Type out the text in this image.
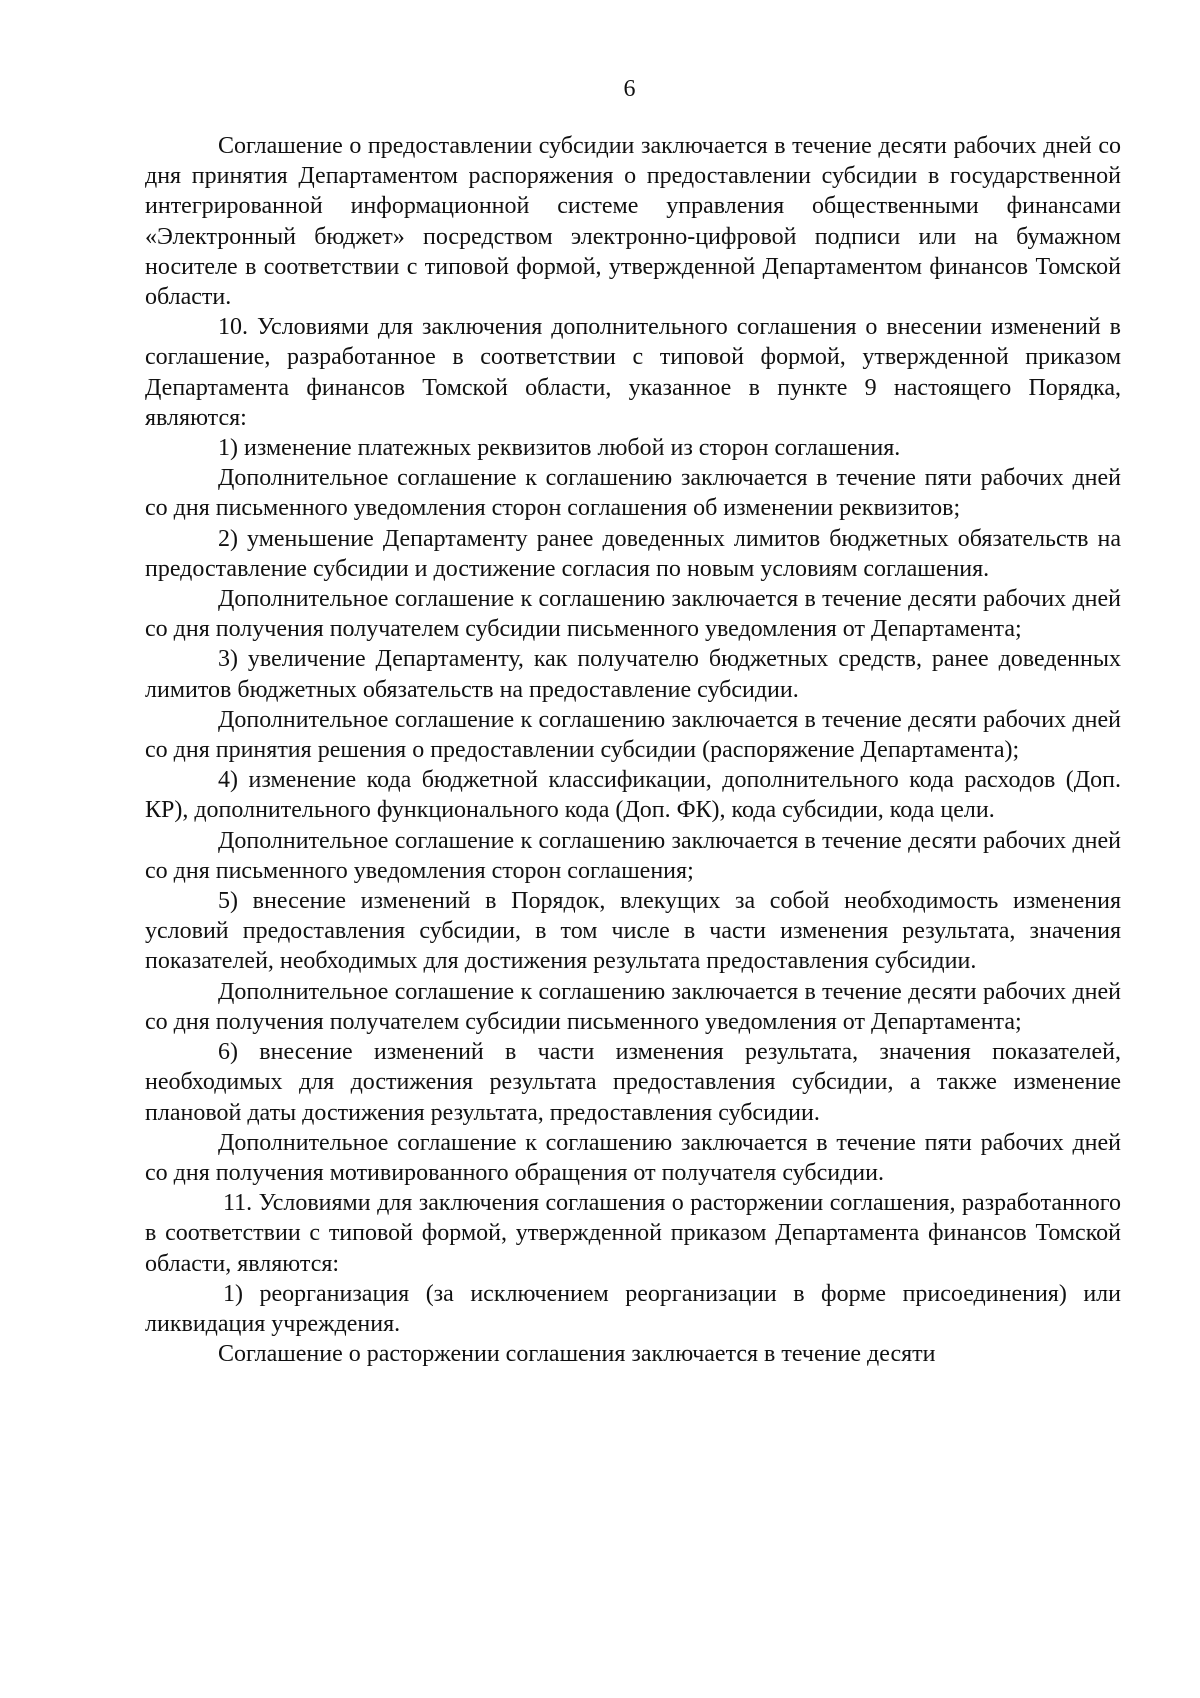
6

Соглашение о предоставлении субсидии заключается в течение десяти рабочих дней со дня принятия Департаментом распоряжения о предоставлении субсидии в государственной интегрированной информационной системе управления общественными финансами «Электронный бюджет» посредством электронно-цифровой подписи или на бумажном носителе в соответствии с типовой формой, утвержденной Департаментом финансов Томской области.

10. Условиями для заключения дополнительного соглашения о внесении изменений в соглашение, разработанное в соответствии с типовой формой, утвержденной приказом Департамента финансов Томской области, указанное в пункте 9 настоящего Порядка, являются:

1) изменение платежных реквизитов любой из сторон соглашения.

Дополнительное соглашение к соглашению заключается в течение пяти рабочих дней со дня письменного уведомления сторон соглашения об изменении реквизитов;

2) уменьшение Департаменту ранее доведенных лимитов бюджетных обязательств на предоставление субсидии и достижение согласия по новым условиям соглашения.

Дополнительное соглашение к соглашению заключается в течение десяти рабочих дней со дня получения получателем субсидии письменного уведомления от Департамента;

3) увеличение Департаменту, как получателю бюджетных средств, ранее доведенных лимитов бюджетных обязательств на предоставление субсидии.

Дополнительное соглашение к соглашению заключается в течение десяти рабочих дней со дня принятия решения о предоставлении субсидии (распоряжение Департамента);

4) изменение кода бюджетной классификации, дополнительного кода расходов (Доп. КР), дополнительного функционального кода (Доп. ФК), кода субсидии, кода цели.

Дополнительное соглашение к соглашению заключается в течение десяти рабочих дней со дня письменного уведомления сторон соглашения;

5) внесение изменений в Порядок, влекущих за собой необходимость изменения условий предоставления субсидии, в том числе в части изменения результата, значения показателей, необходимых для достижения результата предоставления субсидии.

Дополнительное соглашение к соглашению заключается в течение десяти рабочих дней со дня получения получателем субсидии письменного уведомления от Департамента;

6) внесение изменений в части изменения результата, значения показателей, необходимых для достижения результата предоставления субсидии, а также изменение плановой даты достижения результата, предоставления субсидии.

Дополнительное соглашение к соглашению заключается в течение пяти рабочих дней со дня получения мотивированного обращения от получателя субсидии.

11. Условиями для заключения соглашения о расторжении соглашения, разработанного в соответствии с типовой формой, утвержденной приказом Департамента финансов Томской области, являются:

1) реорганизация (за исключением реорганизации в форме присоединения) или ликвидация учреждения.

Соглашение о расторжении соглашения заключается в течение десяти
